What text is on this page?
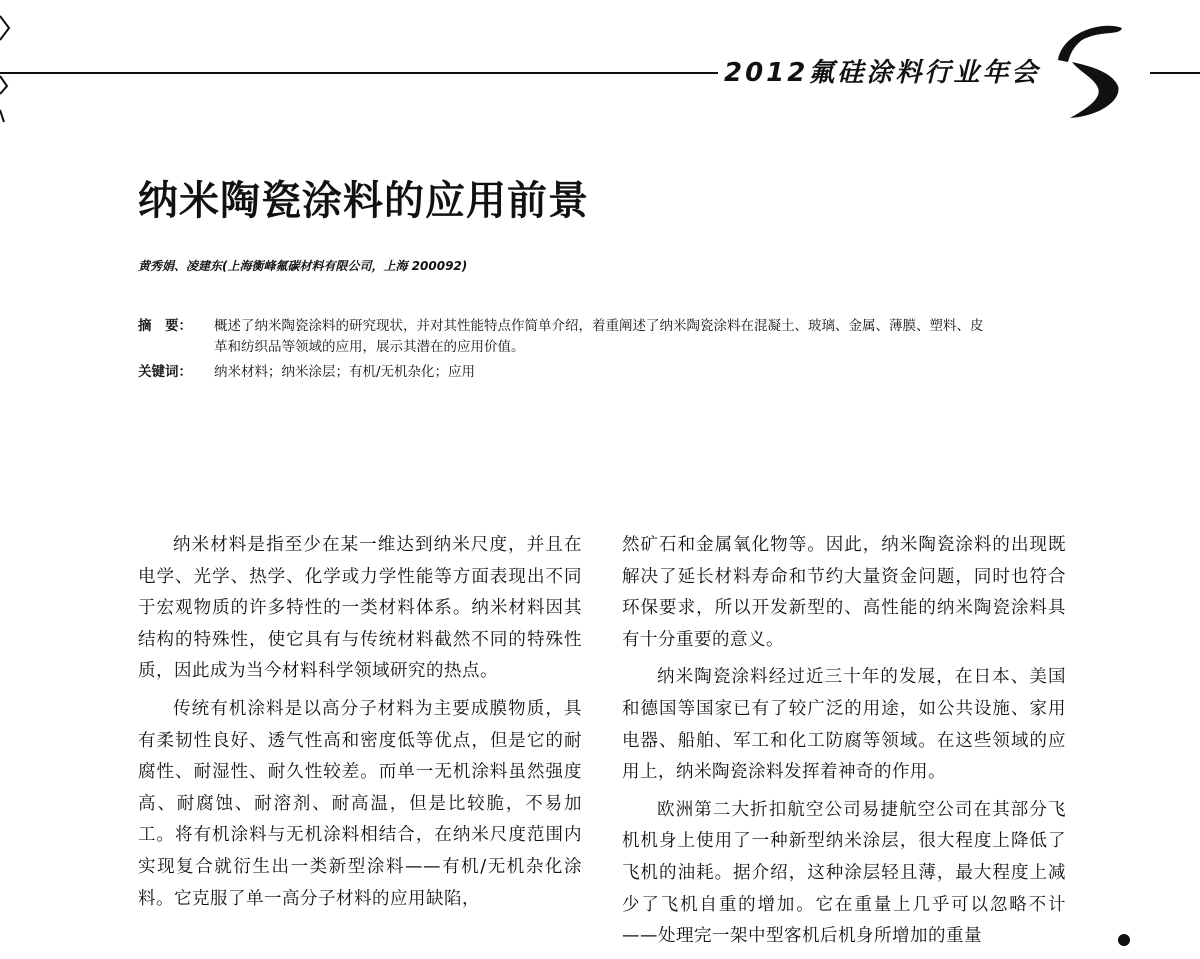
2012氟硅涂料行业年会
纳米陶瓷涂料的应用前景
黄秀娟、凌建东(上海衡峰氟碳材料有限公司，上海 200092)
摘　要： 概述了纳米陶瓷涂料的研究现状，并对其性能特点作简单介绍，着重阐述了纳米陶瓷涂料在混凝土、玻璃、金属、薄膜、塑料、皮革和纺织品等领域的应用，展示其潜在的应用价值。
关键词： 纳米材料；纳米涂层；有机/无机杂化；应用

纳米材料是指至少在某一维达到纳米尺度，并且在电学、光学、热学、化学或力学性能等方面表现出不同于宏观物质的许多特性的一类材料体系。纳米材料因其结构的特殊性，使它具有与传统材料截然不同的特殊性质，因此成为当今材料科学领域研究的热点。

传统有机涂料是以高分子材料为主要成膜物质，具有柔韧性良好、透气性高和密度低等优点，但是它的耐腐性、耐湿性、耐久性较差。而单一无机涂料虽然强度高、耐腐蚀、耐溶剂、耐高温，但是比较脆，不易加工。将有机涂料与无机涂料相结合，在纳米尺度范围内实现复合就衍生出一类新型涂料——有机/无机杂化涂料。它克服了单一高分子材料的应用缺陷，

然矿石和金属氧化物等。因此，纳米陶瓷涂料的出现既解决了延长材料寿命和节约大量资金问题，同时也符合环保要求，所以开发新型的、高性能的纳米陶瓷涂料具有十分重要的意义。

纳米陶瓷涂料经过近三十年的发展，在日本、美国和德国等国家已有了较广泛的用途，如公共设施、家用电器、船舶、军工和化工防腐等领域。在这些领域的应用上，纳米陶瓷涂料发挥着神奇的作用。

欧洲第二大折扣航空公司易捷航空公司在其部分飞机机身上使用了一种新型纳米涂层，很大程度上降低了飞机的油耗。据介绍，这种涂层轻且薄，最大程度上减少了飞机自重的增加。它在重量上几乎可以忽略不计——处理完一架中型客机后机身所增加的重量
